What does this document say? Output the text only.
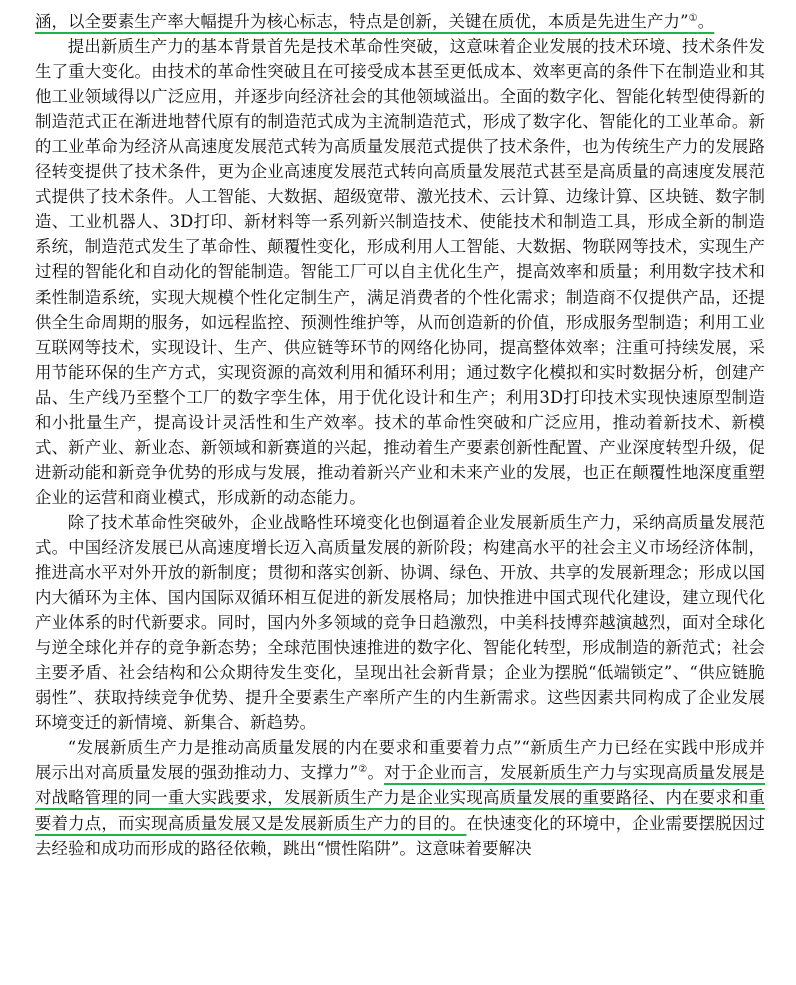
涵，以全要素生产率大幅提升为核心标志，特点是创新，关键在质优，本质是先进生产力”①。

提出新质生产力的基本背景首先是技术革命性突破，这意味着企业发展的技术环境、技术条件发生了重大变化。由技术的革命性突破且在可接受成本甚至更低成本、效率更高的条件下在制造业和其他工业领域得以广泛应用，并逐步向经济社会的其他领域溢出。全面的数字化、智能化转型使得新的制造范式正在渐进地替代原有的制造范式成为主流制造范式，形成了数字化、智能化的工业革命。新的工业革命为经济从高速度发展范式转为高质量发展范式提供了技术条件，也为传统生产力的发展路径转变提供了技术条件，更为企业高速度发展范式转向高质量发展范式甚至是高质量的高速度发展范式提供了技术条件。人工智能、大数据、超级宽带、激光技术、云计算、边缘计算、区块链、数字制造、工业机器人、3D打印、新材料等一系列新兴制造技术、使能技术和制造工具，形成全新的制造系统，制造范式发生了革命性、颠覆性变化，形成利用人工智能、大数据、物联网等技术，实现生产过程的智能化和自动化的智能制造。智能工厂可以自主优化生产，提高效率和质量；利用数字技术和柔性制造系统，实现大规模个性化定制生产，满足消费者的个性化需求；制造商不仅提供产品，还提供全生命周期的服务，如远程监控、预测性维护等，从而创造新的价值，形成服务型制造；利用工业互联网等技术，实现设计、生产、供应链等环节的网络化协同，提高整体效率；注重可持续发展，采用节能环保的生产方式，实现资源的高效利用和循环利用；通过数字化模拟和实时数据分析，创建产品、生产线乃至整个工厂的数字孪生体，用于优化设计和生产；利用3D打印技术实现快速原型制造和小批量生产，提高设计灵活性和生产效率。技术的革命性突破和广泛应用，推动着新技术、新模式、新产业、新业态、新领域和新赛道的兴起，推动着生产要素创新性配置、产业深度转型升级，促进新动能和新竞争优势的形成与发展，推动着新兴产业和未来产业的发展，也正在颠覆性地深度重塑企业的运营和商业模式，形成新的动态能力。

除了技术革命性突破外，企业战略性环境变化也倒逼着企业发展新质生产力，采纳高质量发展范式。中国经济发展已从高速度增长迈入高质量发展的新阶段；构建高水平的社会主义市场经济体制，推进高水平对外开放的新制度；贯彻和落实创新、协调、绿色、开放、共享的发展新理念；形成以国内大循环为主体、国内国际双循环相互促进的新发展格局；加快推进中国式现代化建设，建立现代化产业体系的时代新要求。同时，国内外多领域的竞争日趋激烈，中美科技博弈越演越烈，面对全球化与逆全球化并存的竞争新态势；全球范围快速推进的数字化、智能化转型，形成制造的新范式；社会主要矛盾、社会结构和公众期待发生变化，呈现出社会新背景；企业为摆脱“低端锁定”、“供应链脆弱性”、获取持续竞争优势、提升全要素生产率所产生的内生新需求。这些因素共同构成了企业发展环境变迁的新情境、新集合、新趋势。

“发展新质生产力是推动高质量发展的内在要求和重要着力点”“新质生产力已经在实践中形成并展示出对高质量发展的强劲推动力、支撑力”②。对于企业而言，发展新质生产力与实现高质量发展是对战略管理的同一重大实践要求，发展新质生产力是企业实现高质量发展的重要路径、内在要求和重要着力点，而实现高质量发展又是发展新质生产力的目的。在快速变化的环境中，企业需要摆脱因过去经验和成功而形成的路径依赖，跳出“惯性陷阱”。这意味着要解决
